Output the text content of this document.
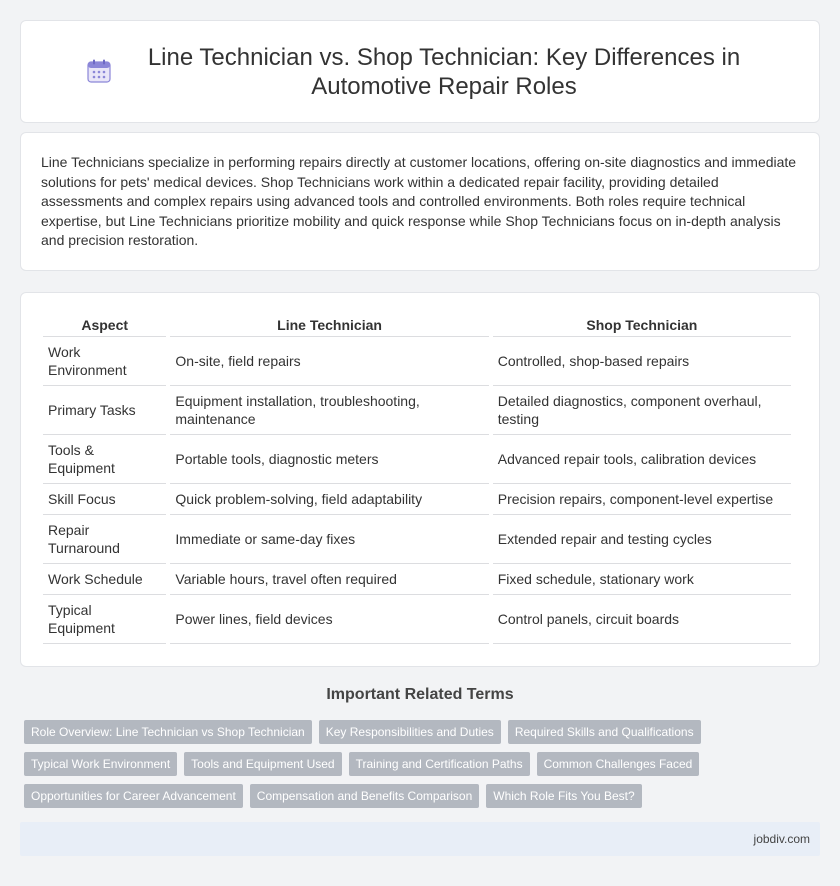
Line Technician vs. Shop Technician: Key Differences in Automotive Repair Roles

Line Technicians specialize in performing repairs directly at customer locations, offering on-site diagnostics and immediate solutions for pets' medical devices. Shop Technicians work within a dedicated repair facility, providing detailed assessments and complex repairs using advanced tools and controlled environments. Both roles require technical expertise, but Line Technicians prioritize mobility and quick response while Shop Technicians focus on in-depth analysis and precision restoration.

Aspect	Line Technician	Shop Technician
Work Environment	On-site, field repairs	Controlled, shop-based repairs
Primary Tasks	Equipment installation, troubleshooting, maintenance	Detailed diagnostics, component overhaul, testing
Tools & Equipment	Portable tools, diagnostic meters	Advanced repair tools, calibration devices
Skill Focus	Quick problem-solving, field adaptability	Precision repairs, component-level expertise
Repair Turnaround	Immediate or same-day fixes	Extended repair and testing cycles
Work Schedule	Variable hours, travel often required	Fixed schedule, stationary work
Typical Equipment	Power lines, field devices	Control panels, circuit boards
Important Related Terms
Role Overview: Line Technician vs Shop Technician	Key Responsibilities and Duties	Required Skills and Qualifications
Typical Work Environment	Tools and Equipment Used	Training and Certification Paths	Common Challenges Faced
Opportunities for Career Advancement	Compensation and Benefits Comparison	Which Role Fits You Best?
jobdiv.com
